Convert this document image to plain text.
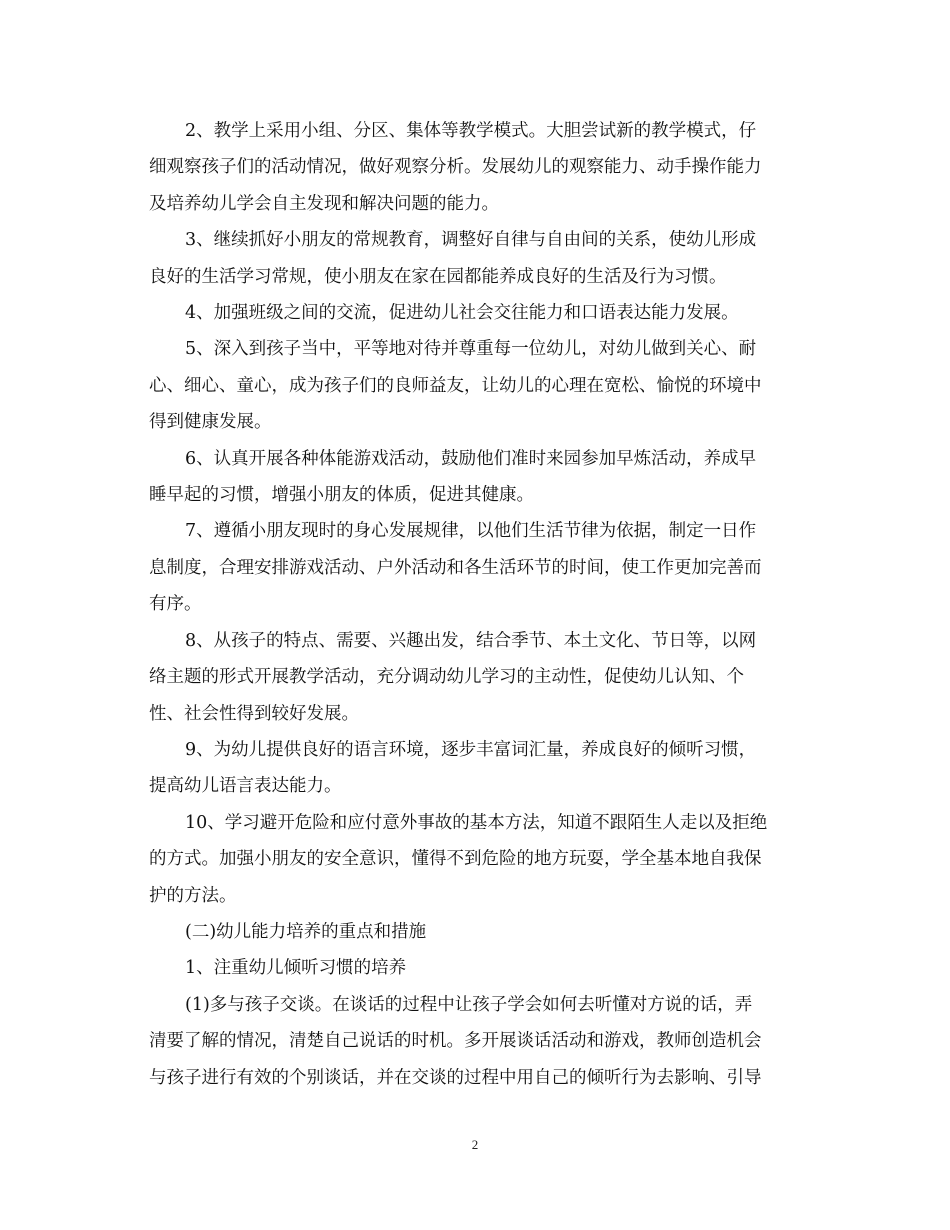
2、教学上采用小组、分区、集体等教学模式。大胆尝试新的教学模式，仔
细观察孩子们的活动情况，做好观察分析。发展幼儿的观察能力、动手操作能力
及培养幼儿学会自主发现和解决问题的能力。

3、继续抓好小朋友的常规教育，调整好自律与自由间的关系，使幼儿形成
良好的生活学习常规，使小朋友在家在园都能养成良好的生活及行为习惯。

4、加强班级之间的交流，促进幼儿社会交往能力和口语表达能力发展。

5、深入到孩子当中，平等地对待并尊重每一位幼儿，对幼儿做到关心、耐
心、细心、童心，成为孩子们的良师益友，让幼儿的心理在宽松、愉悦的环境中
得到健康发展。

6、认真开展各种体能游戏活动，鼓励他们准时来园参加早炼活动，养成早
睡早起的习惯，增强小朋友的体质，促进其健康。

7、遵循小朋友现时的身心发展规律，以他们生活节律为依据，制定一日作
息制度，合理安排游戏活动、户外活动和各生活环节的时间，使工作更加完善而
有序。

8、从孩子的特点、需要、兴趣出发，结合季节、本土文化、节日等，以网
络主题的形式开展教学活动，充分调动幼儿学习的主动性，促使幼儿认知、个
性、社会性得到较好发展。

9、为幼儿提供良好的语言环境，逐步丰富词汇量，养成良好的倾听习惯，
提高幼儿语言表达能力。

10、学习避开危险和应付意外事故的基本方法，知道不跟陌生人走以及拒绝
的方式。加强小朋友的安全意识，懂得不到危险的地方玩耍，学全基本地自我保
护的方法。

(二)幼儿能力培养的重点和措施

1、注重幼儿倾听习惯的培养

(1)多与孩子交谈。在谈话的过程中让孩子学会如何去听懂对方说的话，弄
清要了解的情况，清楚自己说话的时机。多开展谈话活动和游戏，教师创造机会
与孩子进行有效的个别谈话，并在交谈的过程中用自己的倾听行为去影响、引导

2
